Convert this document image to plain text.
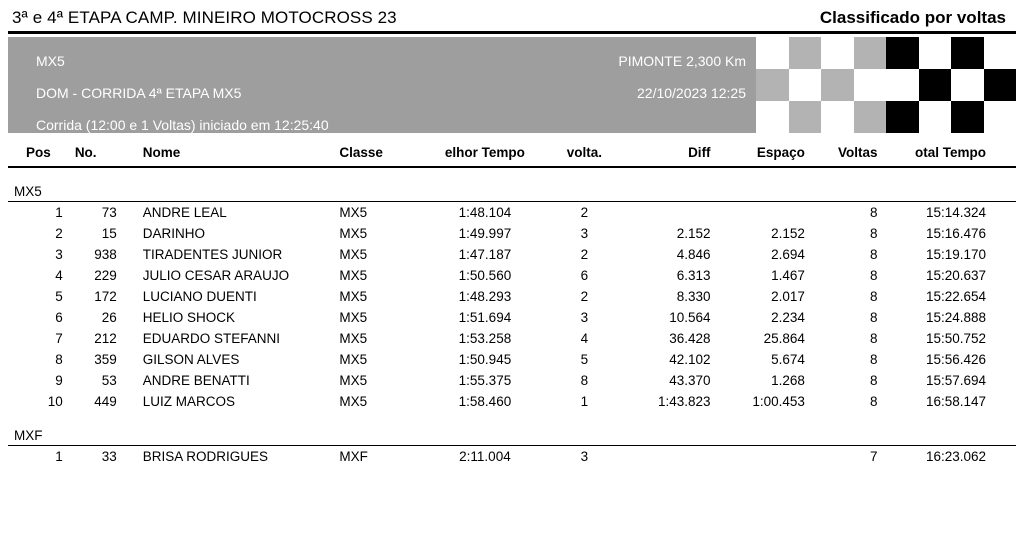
3ª e 4ª ETAPA CAMP. MINEIRO MOTOCROSS 23	Classificado por voltas
MX5
DOM - CORRIDA 4ª ETAPA MX5
Corrida (12:00 e 1 Voltas) iniciado em 12:25:40
PIMONTE 2,300 Km
22/10/2023 12:25
Pos	No.	Nome	Classe	elhor Tempo	volta.	Diff	Espaço	Voltas	otal Tempo
MX5									

1	73	ANDRE LEAL	MX5	1:48.104	2			8	15:14.324
2	15	DARINHO	MX5	1:49.997	3	2.152	2.152	8	15:16.476
3	938	TIRADENTES JUNIOR	MX5	1:47.187	2	4.846	2.694	8	15:19.170
4	229	JULIO CESAR ARAUJO	MX5	1:50.560	6	6.313	1.467	8	15:20.637
5	172	LUCIANO DUENTI	MX5	1:48.293	2	8.330	2.017	8	15:22.654
6	26	HELIO SHOCK	MX5	1:51.694	3	10.564	2.234	8	15:24.888
7	212	EDUARDO STEFANNI	MX5	1:53.258	4	36.428	25.864	8	15:50.752
8	359	GILSON ALVES	MX5	1:50.945	5	42.102	5.674	8	15:56.426
9	53	ANDRE BENATTI	MX5	1:55.375	8	43.370	1.268	8	15:57.694
10	449	LUIZ MARCOS	MX5	1:58.460	1	1:43.823	1:00.453	8	16:58.147
MXF									

1	33	BRISA RODRIGUES	MXF	2:11.004	3			7	16:23.062
